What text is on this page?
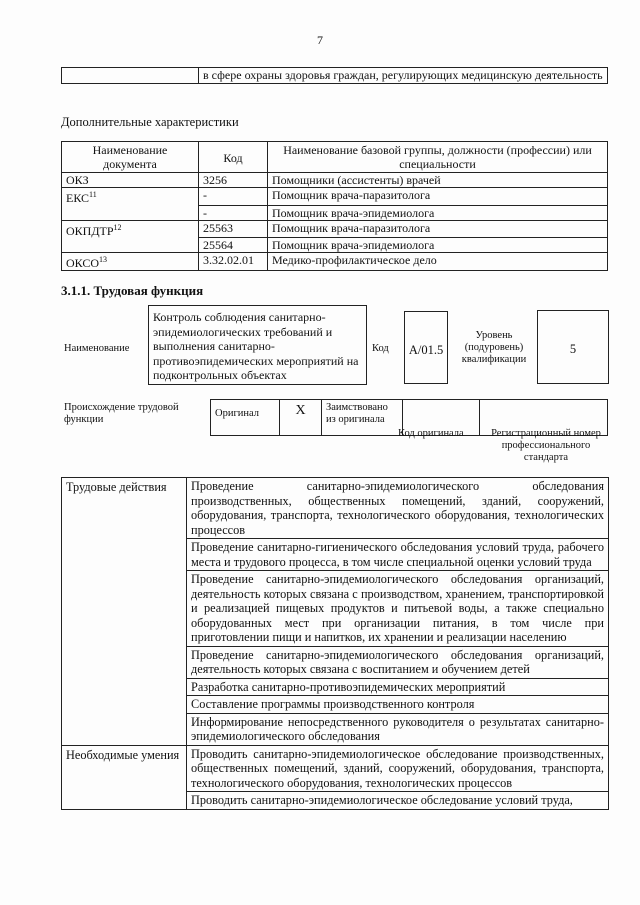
7
	в сфере охраны здоровья граждан, регулирующих медицинскую деятельность
Дополнительные характеристики
Наименование документа	Код	Наименование базовой группы, должности (профессии) или специальности
ОКЗ	3256	Помощники (ассистенты) врачей
ЕКС$^{11}$	-	Помощник врача-паразитолога
	-	Помощник врача-эпидемиолога
ОКПДТР$^{12}$	25563	Помощник врача-паразитолога
	25564	Помощник врача-эпидемиолога
ОКСО$^{13}$	3.32.02.01	Медико-профилактическое дело
3.1.1. Трудовая функция
Наименование
Контроль соблюдения санитарно-эпидемиологических требований и выполнения санитарно-противоэпидемических мероприятий на подконтрольных объектах
Код	A/01.5
Уровень (подуровень) квалификации
5
Происхождение трудовой функции
Оригинал	X	Заимствовано из оригинала		
Код оригинала	Регистрационный номер профессионального стандарта
Трудовые действия	Проведение санитарно-эпидемиологического обследования производственных, общественных помещений, зданий, сооружений, оборудования, транспорта, технологического оборудования, технологических процессов
	Проведение санитарно-гигиенического обследования условий труда, рабочего места и трудового процесса, в том числе специальной оценки условий труда
	Проведение санитарно-эпидемиологического обследования организаций, деятельность которых связана с производством, хранением, транспортировкой и реализацией пищевых продуктов и питьевой воды, а также специально оборудованных мест при организации питания, в том числе при приготовлении пищи и напитков, их хранении и реализации населению
	Проведение санитарно-эпидемиологического обследования организаций, деятельность которых связана с воспитанием и обучением детей
	Разработка санитарно-противоэпидемических мероприятий
	Составление программы производственного контроля
	Информирование непосредственного руководителя о результатах санитарно-эпидемиологического обследования
Необходимые умения	Проводить санитарно-эпидемиологическое обследование производственных, общественных помещений, зданий, сооружений, оборудования, транспорта, технологического оборудования, технологических процессов
	Проводить санитарно-эпидемиологическое обследование условий труда,
